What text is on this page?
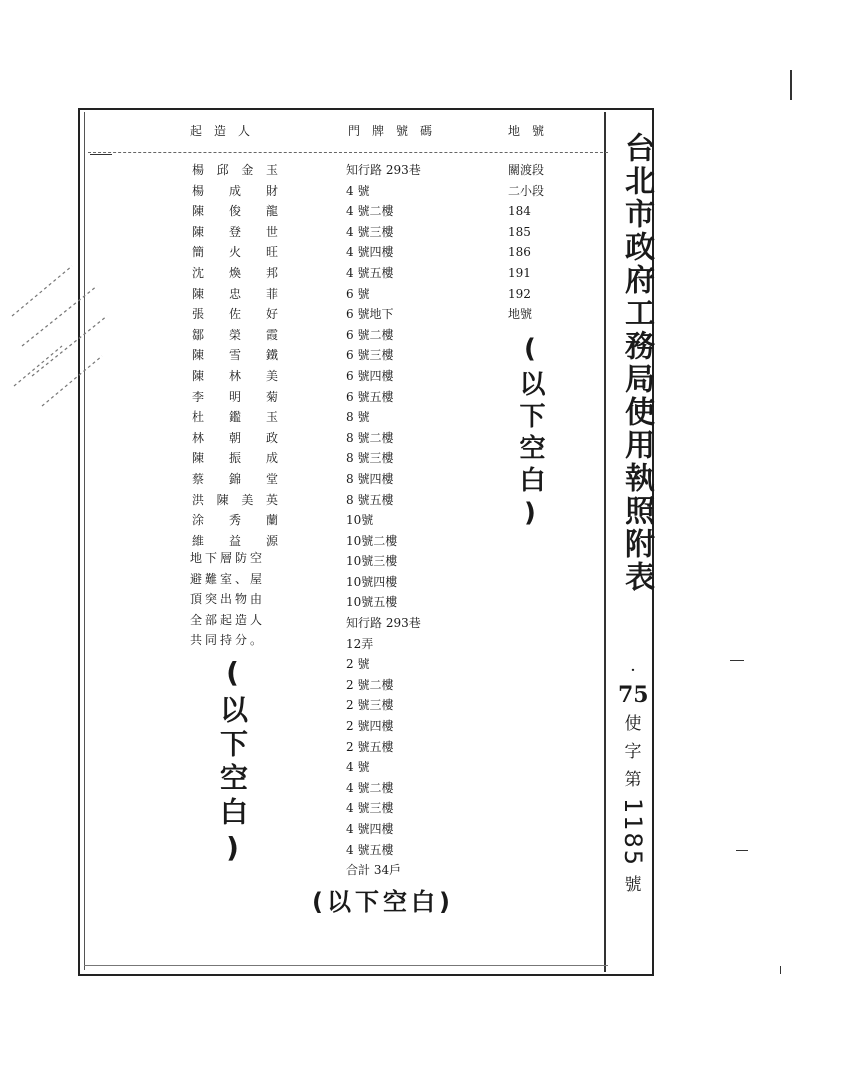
起造人	門牌號碼	地號
楊 邱 金 玉
楊 成 財
陳 俊 龍
陳 登 世
簡 火 旺
沈 煥 邦
陳 忠 菲
張 佐 好
鄒 榮 霞
陳 雪 鐵
陳 林 美
李 明 菊
杜 鑑 玉
林 朝 政
陳 振 成
蔡 錦 堂
洪 陳 美 英
涂 秀 蘭
維 益 源
知行路 293巷
4 號
4 號二樓
4 號三樓
4 號四樓
4 號五樓
6 號
6 號地下
6 號二樓
6 號三樓
6 號四樓
6 號五樓
8 號
8 號二樓
8 號三樓
8 號四樓
8 號五樓
10號
10號二樓
10號三樓
10號四樓
10號五樓
知行路 293巷
12弄
2 號
2 號二樓
2 號三樓
2 號四樓
2 號五樓
4 號
4 號二樓
4 號三樓
4 號四樓
4 號五樓
合計 34戶
關渡段
二小段
184
185
186
191
192
地號
地下層防空
避難室、屋
頂突出物由
全部起造人
共同持分。
(以下空白)
(以下空白)
(以下空白)
台北市政府工務局使用執照附表
·
75
使
字
第
1185
號
